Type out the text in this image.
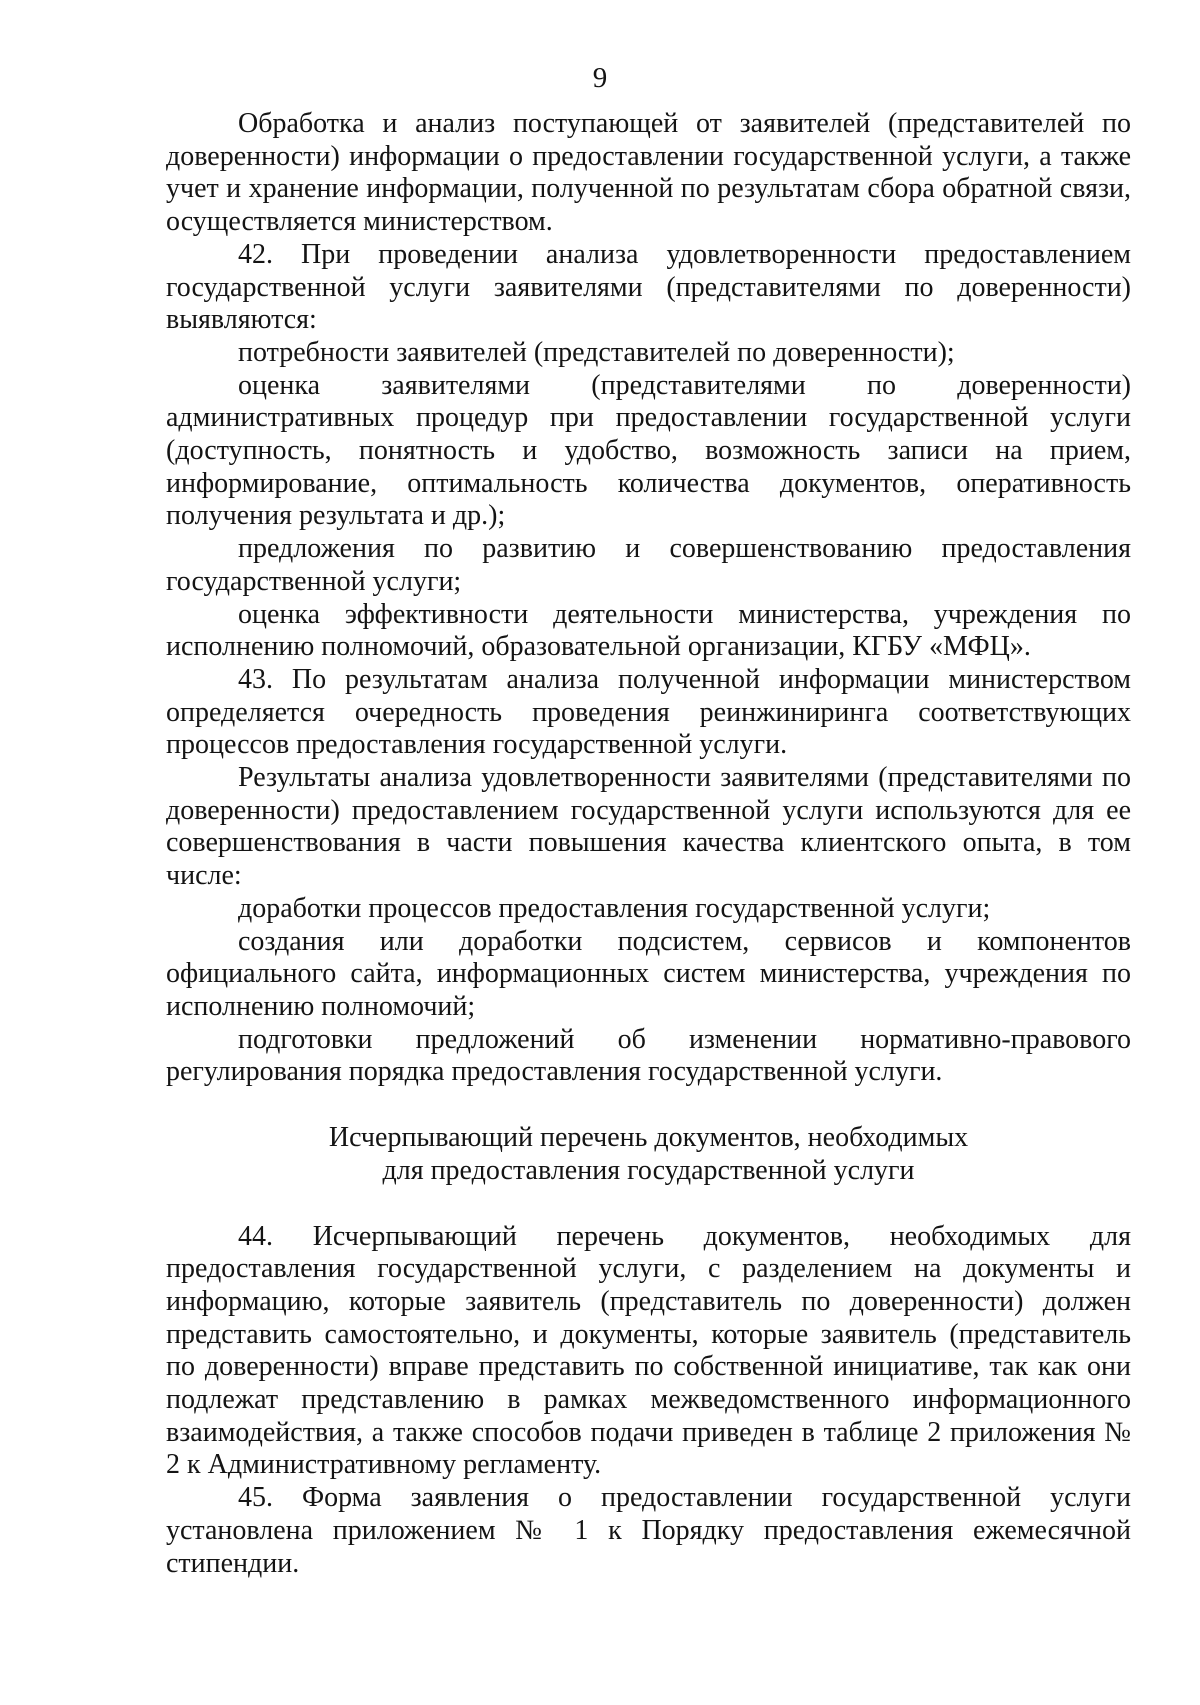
9

Обработка и анализ поступающей от заявителей (представителей по доверенности) информации о предоставлении государственной услуги, а также учет и хранение информации, полученной по результатам сбора обратной связи, осуществляется министерством.

42. При проведении анализа удовлетворенности предоставлением государственной услуги заявителями (представителями по доверенности) выявляются:

потребности заявителей (представителей по доверенности);

оценка заявителями (представителями по доверенности) административных процедур при предоставлении государственной услуги (доступность, понятность и удобство, возможность записи на прием, информирование, оптимальность количества документов, оперативность получения результата и др.);

предложения по развитию и совершенствованию предоставления государственной услуги;

оценка эффективности деятельности министерства, учреждения по исполнению полномочий, образовательной организации, КГБУ «МФЦ».

43. По результатам анализа полученной информации министерством определяется очередность проведения реинжиниринга соответствующих процессов предоставления государственной услуги.

Результаты анализа удовлетворенности заявителями (представителями по доверенности) предоставлением государственной услуги используются для ее совершенствования в части повышения качества клиентского опыта, в том числе:

доработки процессов предоставления государственной услуги;

создания или доработки подсистем, сервисов и компонентов официального сайта, информационных систем министерства, учреждения по исполнению полномочий;

подготовки предложений об изменении нормативно-правового регулирования порядка предоставления государственной услуги.

Исчерпывающий перечень документов, необходимых
для предоставления государственной услуги

44. Исчерпывающий перечень документов, необходимых для предоставления государственной услуги, с разделением на документы и информацию, которые заявитель (представитель по доверенности) должен представить самостоятельно, и документы, которые заявитель (представитель по доверенности) вправе представить по собственной инициативе, так как они подлежат представлению в рамках межведомственного информационного взаимодействия, а также способов подачи приведен в таблице 2 приложения № 2 к Административному регламенту.

45. Форма заявления о предоставлении государственной услуги установлена приложением № 1 к Порядку предоставления ежемесячной стипендии.
